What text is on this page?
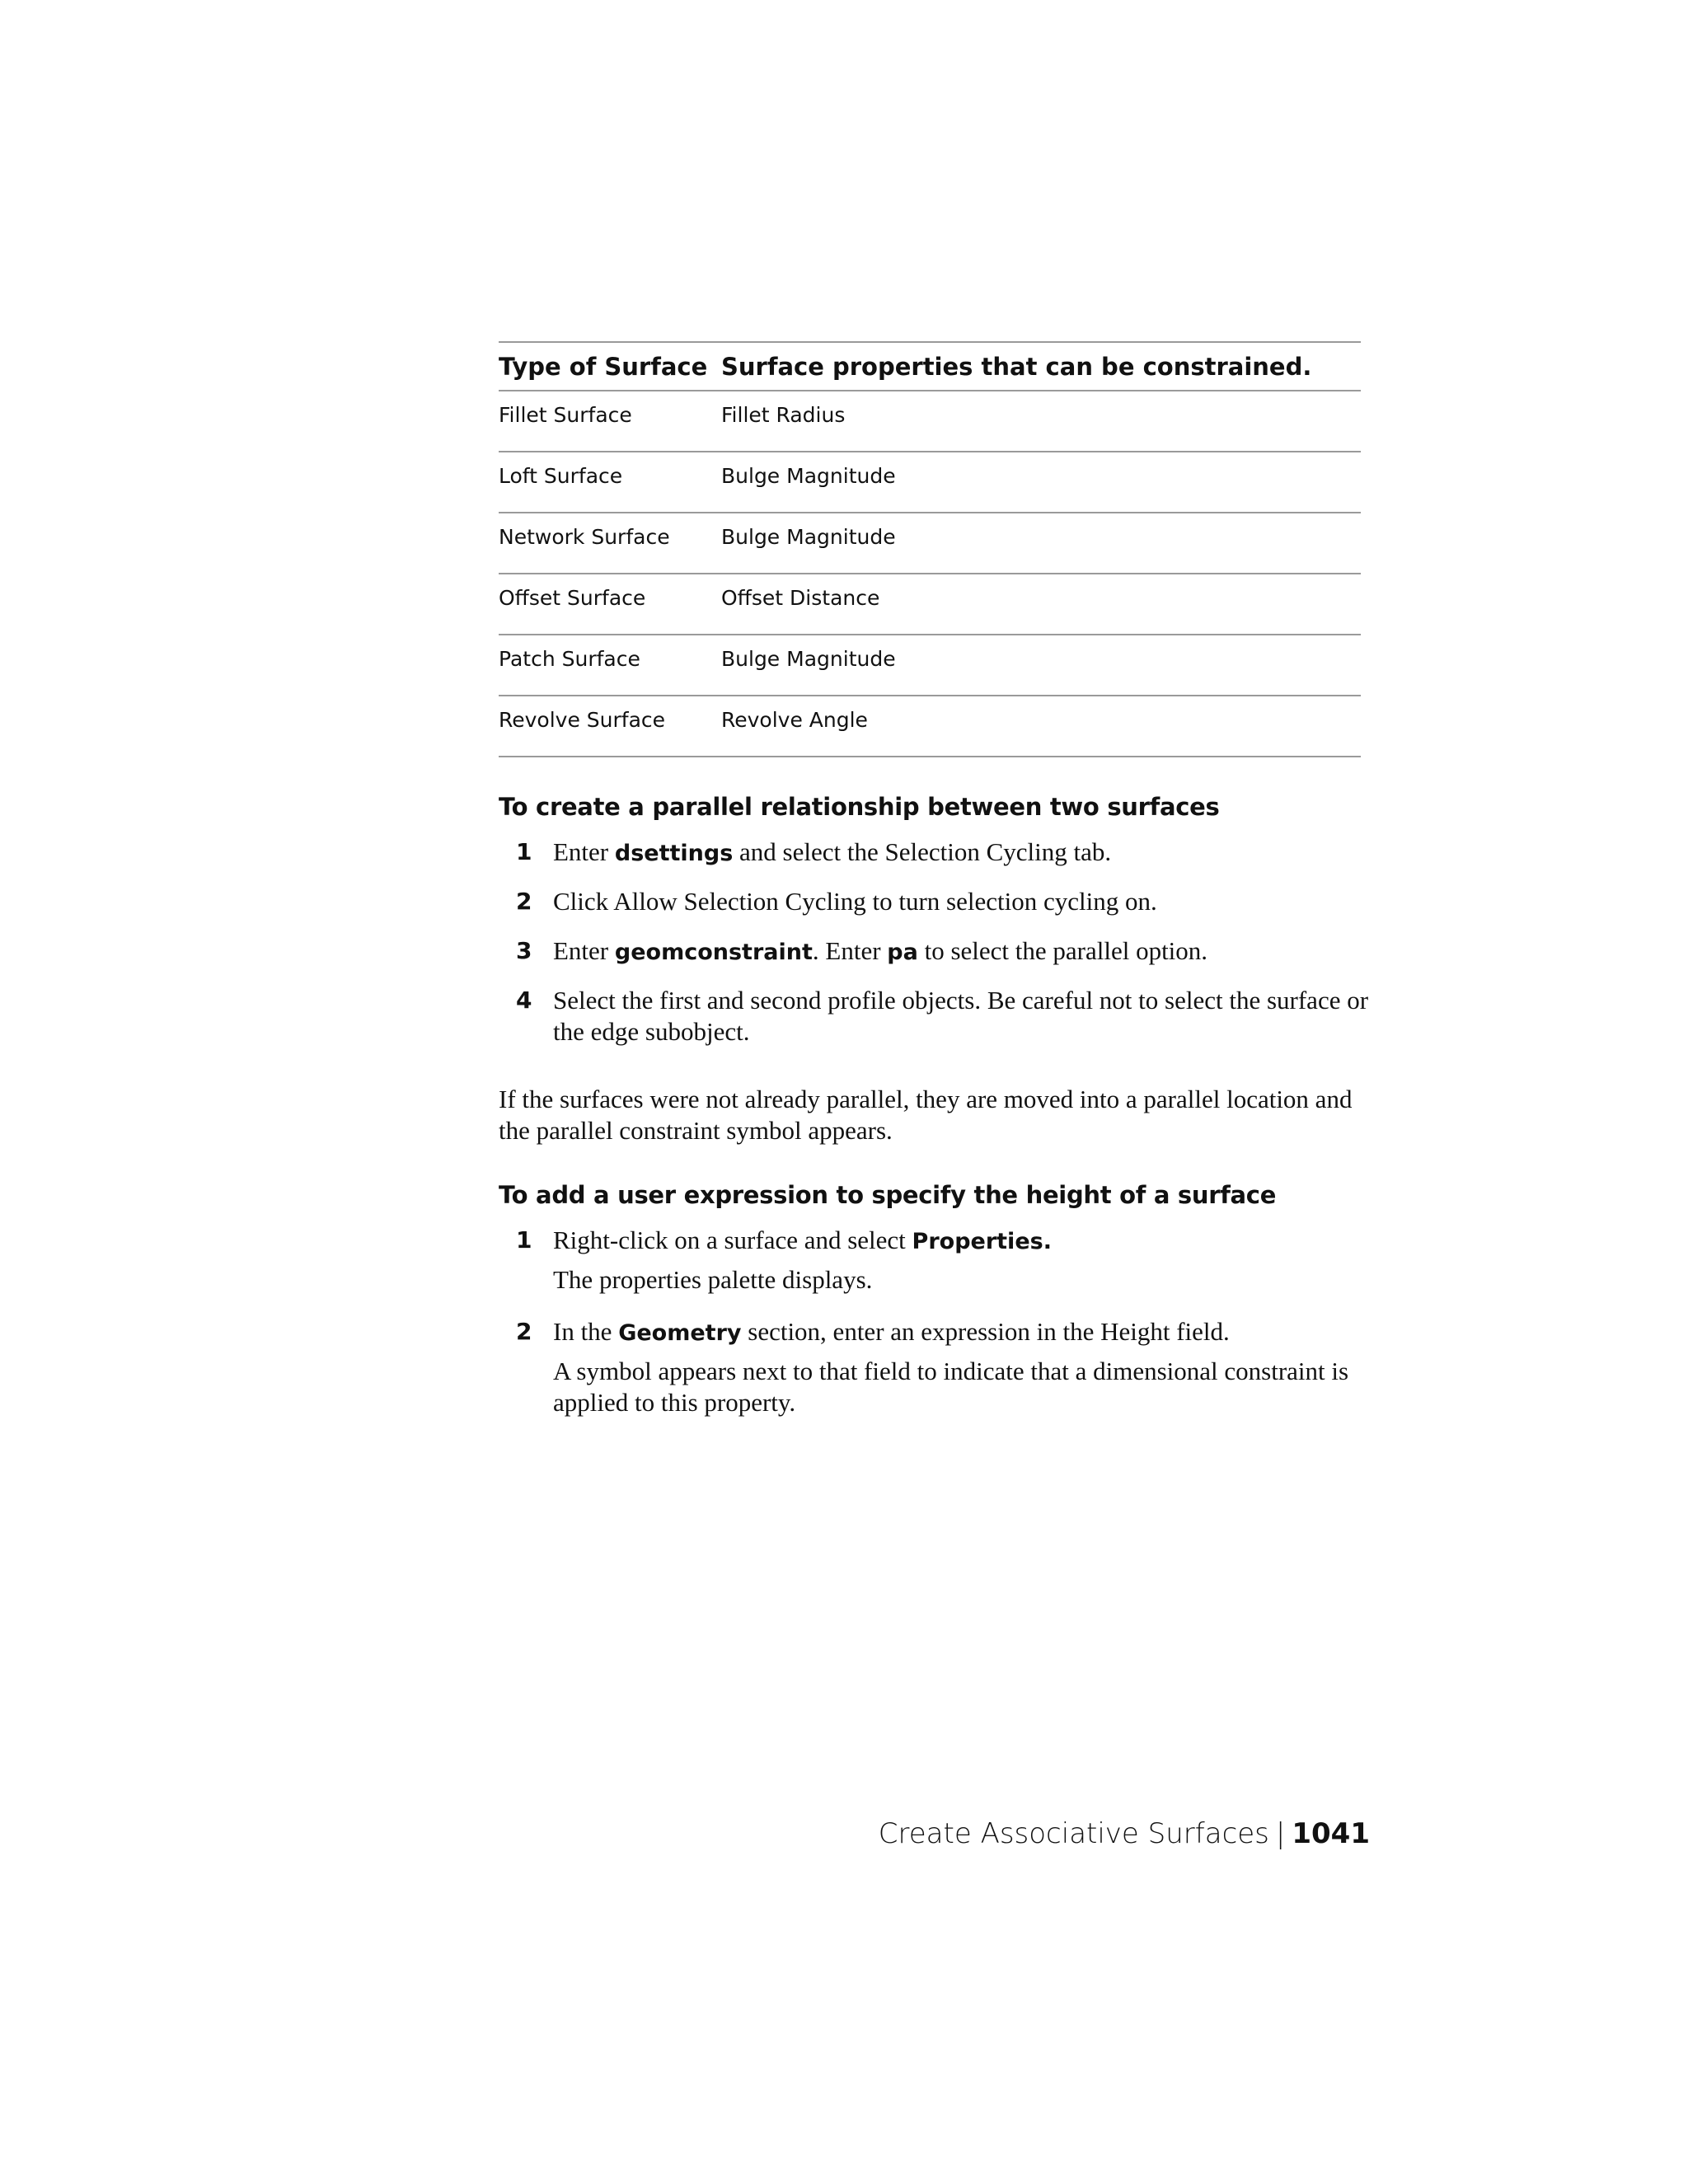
Type of Surface	Surface properties that can be constrained.
Fillet Surface	Fillet Radius
Loft Surface	Bulge Magnitude
Network Surface	Bulge Magnitude
Offset Surface	Offset Distance
Patch Surface	Bulge Magnitude
Revolve Surface	Revolve Angle
To create a parallel relationship between two surfaces
1 Enter dsettings and select the Selection Cycling tab.
2 Click Allow Selection Cycling to turn selection cycling on.
3 Enter geomconstraint. Enter pa to select the parallel option.
4 Select the first and second profile objects. Be careful not to select the surface or the edge subobject.

If the surfaces were not already parallel, they are moved into a parallel location and the parallel constraint symbol appears.

To add a user expression to specify the height of a surface
1 Right-click on a surface and select Properties.
The properties palette displays.
2 In the Geometry section, enter an expression in the Height field.
A symbol appears next to that field to indicate that a dimensional constraint is applied to this property.
Create Associative Surfaces | 1041
